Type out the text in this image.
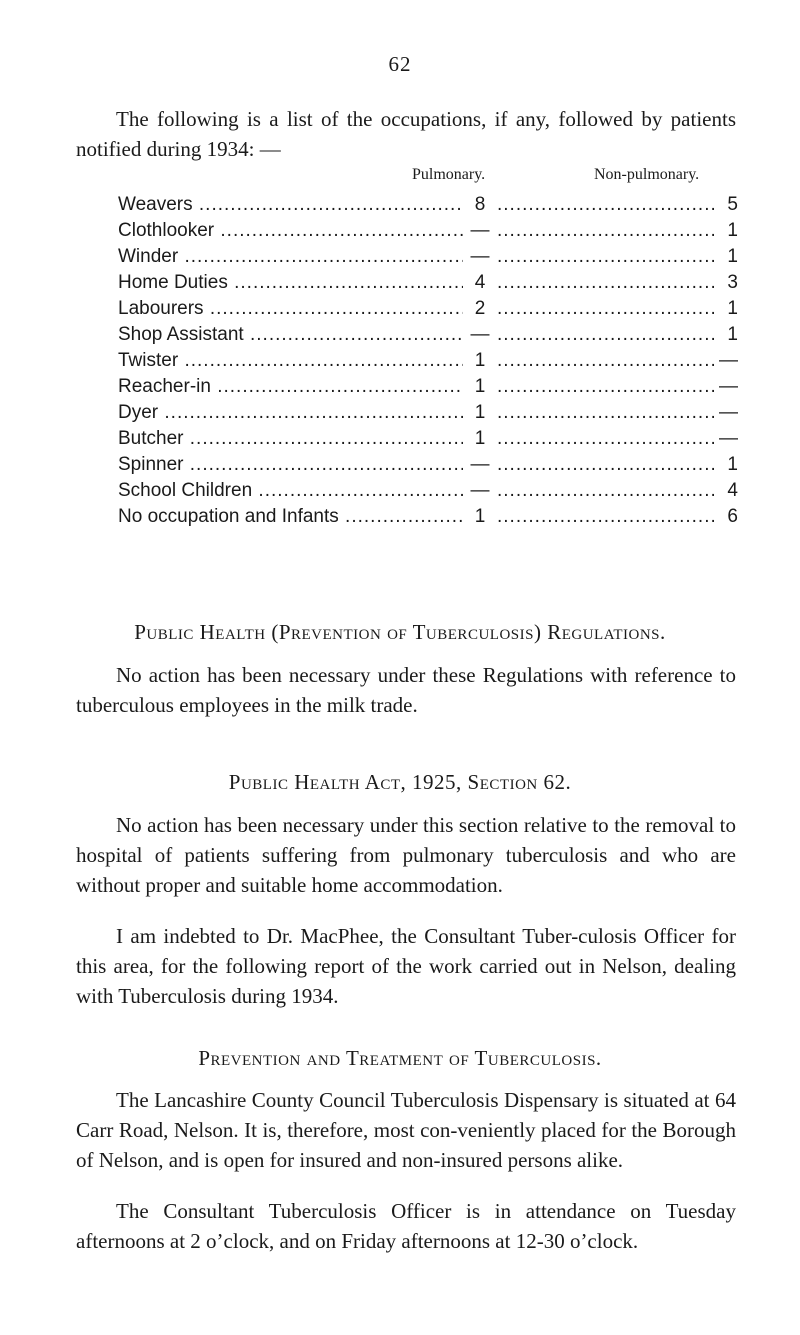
62

The following is a list of the occupations, if any, followed by patients notified during 1934: —

Pulmonary.	Non-pulmonary.
Weavers ..... .....	8	5
Clothlooker ..... .....	—	1
Winder ..... .....	—	1
Home Duties ..... .....	4	3
Labourers ..... .....	2	1
Shop Assistant ..... .....	—	1
Twister ..... .....	1	—
Reacher-in ..... .....	1	—
Dyer ..... .....	1	—
Butcher ..... .....	1	—
Spinner ..... .....	—	1
School Children ..... .....	—	4
No occupation and Infants ..... .....	1	6
Public Health (Prevention of Tuberculosis) Regulations.

No action has been necessary under these Regulations with reference to tuberculous employees in the milk trade.

Public Health Act, 1925, Section 62.

No action has been necessary under this section relative to the removal to hospital of patients suffering from pulmonary tuberculosis and who are without proper and suitable home accommodation.

I am indebted to Dr. MacPhee, the Consultant Tuber-culosis Officer for this area, for the following report of the work carried out in Nelson, dealing with Tuberculosis during 1934.

Prevention and Treatment of Tuberculosis.

The Lancashire County Council Tuberculosis Dispensary is situated at 64 Carr Road, Nelson. It is, therefore, most con-veniently placed for the Borough of Nelson, and is open for insured and non-insured persons alike.

The Consultant Tuberculosis Officer is in attendance on Tuesday afternoons at 2 o’clock, and on Friday afternoons at 12-30 o’clock.
